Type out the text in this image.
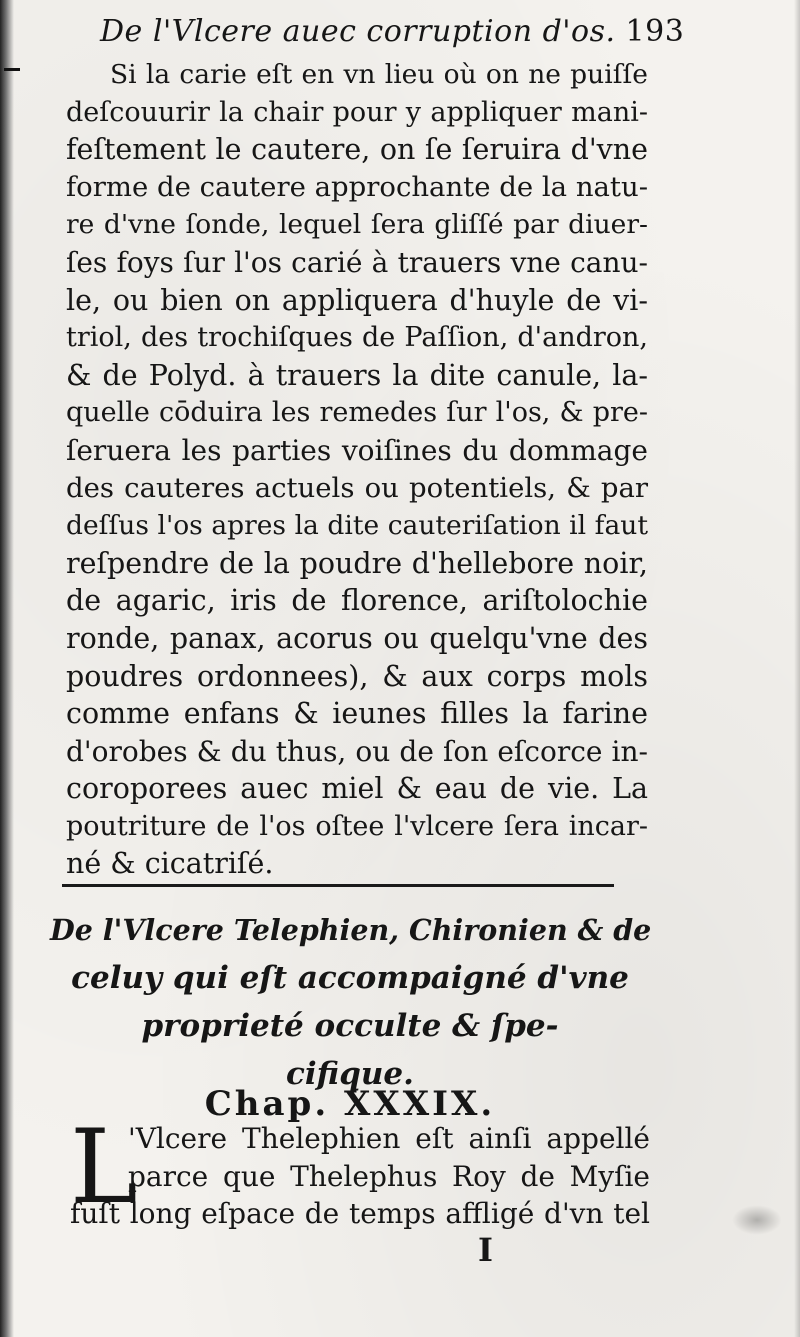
De l'Vlcere auec corruption d'os. 193
Si la carie eſt en vn lieu où on ne puiſſe
deſcouurir la chair pour y appliquer mani-
feſtement le cautere, on ſe ſeruira d'vne
forme de cautere approchante de la natu-
re d'vne ſonde, lequel ſera gliſſé par diuer-
ſes foys ſur l'os carié à trauers vne canu-
le, ou bien on appliquera d'huyle de vi-
triol, des trochiſques de Paſſion, d'andron,
& de Polyd. à trauers la dite canule, la-
quelle cōduira les remedes ſur l'os, & pre-
ſeruera les parties voiſines du dommage
des cauteres actuels ou potentiels, & par
deſſus l'os apres la dite cauteriſation il faut
reſpendre de la poudre d'hellebore noir,
de agaric, iris de florence, ariſtolochie
ronde, panax, acorus ou quelqu'vne des
poudres ordonnees), & aux corps mols
comme enfans & ieunes filles la farine
d'orobes & du thus, ou de ſon eſcorce in-
coroporees auec miel & eau de vie. La
poutriture de l'os oſtee l'vlcere ſera incar-
né & cicatriſé.
De l'Vlcere Telephien, Chironien & de
celuy qui eſt accompaigné d'vne
proprieté occulte & ſpe-
cifique.
Chap. XXXIX.
L
'Vlcere Thelephien eſt ainſi appellé
parce que Thelephus Roy de Myſie
fuſt long eſpace de temps affligé d'vn tel
I
